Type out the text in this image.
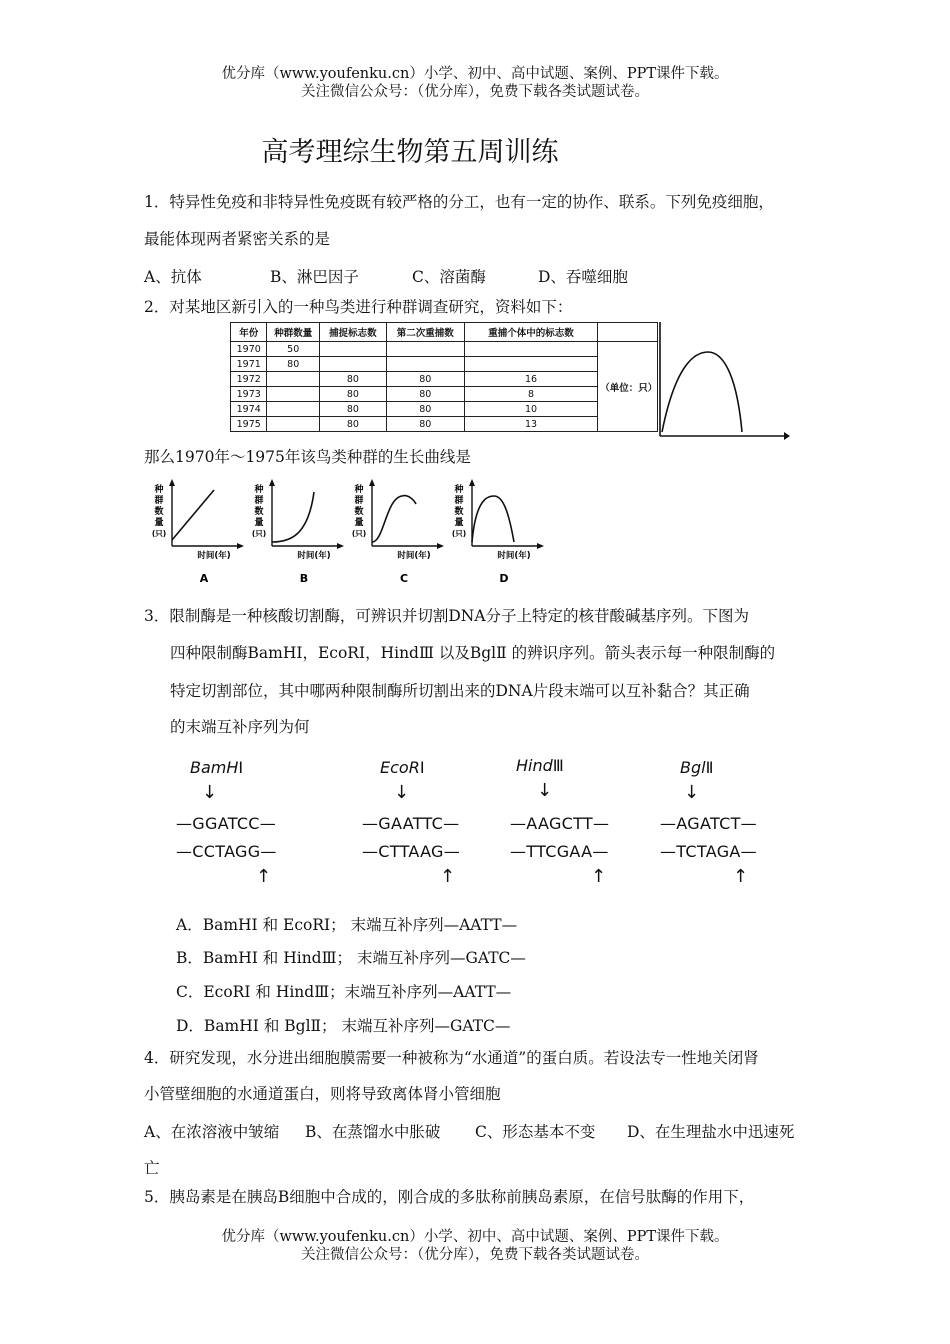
优分库（www.youfenku.cn）小学、初中、高中试题、案例、PPT课件下载。
关注微信公众号：（优分库），免费下载各类试题试卷。
高考理综生物第五周训练
1．特异性免疫和非特异性免疫既有较严格的分工，也有一定的协作、联系。下列免疫细胞，
最能体现两者紧密关系的是
A、抗体	B、淋巴因子	C、溶菌酶	D、吞噬细胞
2．对某地区新引入的一种鸟类进行种群调查研究，资料如下：
年份	种群数量	捕捉标志数	第二次重捕数	重捕个体中的标志数	
1970	50				（单位：只）
1971	80				
1972		80	80	16	
1973		80	80	8	
1974		80	80	10	
1975		80	80	13	
那么1970年～1975年该鸟类种群的生长曲线是
种
群
数
量
(只)
时间(年)
A
种
群
数
量
(只)
时间(年)
B
种
群
数
量
(只)
时间(年)
C
种
群
数
量
(只)
时间(年)
D
3．限制酶是一种核酸切割酶，可辨识并切割DNA分子上特定的核苷酸碱基序列。下图为
四种限制酶BamHⅠ，EcoRⅠ，HindⅢ 以及BglⅡ 的辨识序列。箭头表示每一种限制酶的
特定切割部位，其中哪两种限制酶所切割出来的DNA片段末端可以互补黏合？其正确
的末端互补序列为何
BamHⅠ	EcoRⅠ	HindⅢ	BglⅡ
↓	↓	↓	↓
—GGATCC—
—CCTAGG—
—GAATTC—
—CTTAAG—
—AAGCTT—
—TTCGAA—
—AGATCT—
—TCTAGA—
↑	↑	↑	↑
A．BamHⅠ 和 EcoRⅠ； 末端互补序列—AATT—
B．BamHⅠ 和 HindⅢ； 末端互补序列—GATC—
C．EcoRⅠ 和 HindⅢ；末端互补序列—AATT—
D．BamHⅠ 和 BglⅡ； 末端互补序列—GATC—
4．研究发现，水分进出细胞膜需要一种被称为“水通道”的蛋白质。若设法专一性地关闭肾
小管壁细胞的水通道蛋白，则将导致离体肾小管细胞
A、在浓溶液中皱缩 B、在蒸馏水中胀破 C、形态基本不变 D、在生理盐水中迅速死
亡
5．胰岛素是在胰岛B细胞中合成的，刚合成的多肽称前胰岛素原，在信号肽酶的作用下，
优分库（www.youfenku.cn）小学、初中、高中试题、案例、PPT课件下载。
关注微信公众号：（优分库），免费下载各类试题试卷。
